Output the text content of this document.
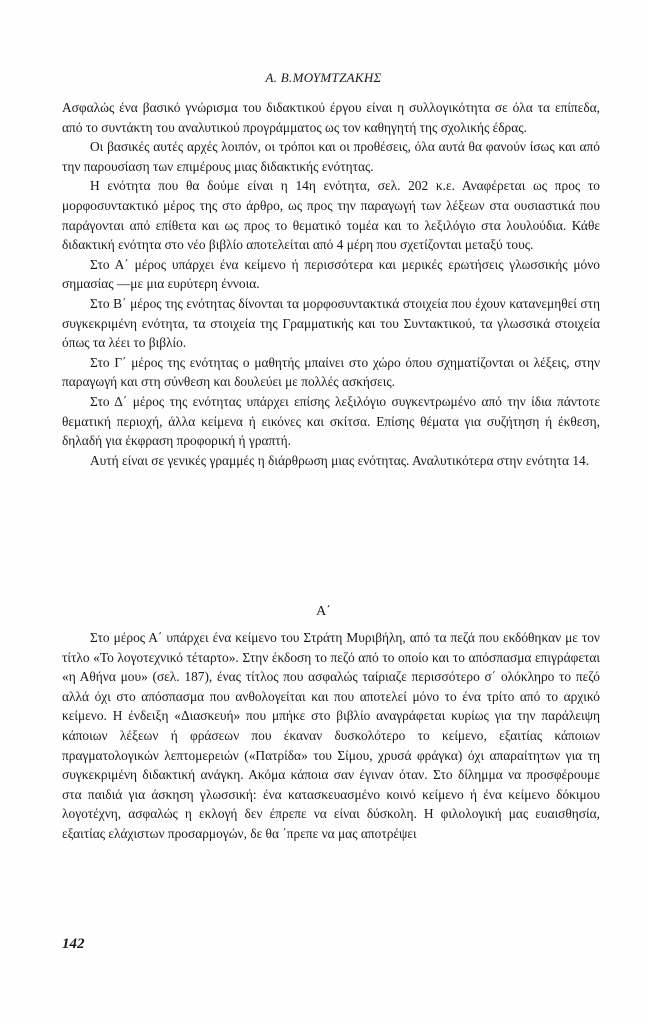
Α. Β.ΜΟΥΜΤΖΑΚΗΣ

Ασφαλώς ένα βασικό γνώρισμα του διδακτικού έργου είναι η συλλογικότητα σε όλα τα επίπεδα, από το συντάκτη του αναλυτικού προγράμματος ως τον καθηγητή της σχολικής έδρας.

Οι βασικές αυτές αρχές λοιπόν, οι τρόποι και οι προθέσεις, όλα αυτά θα φανούν ίσως και από την παρουσίαση των επιμέρους μιας διδακτικής ενότητας.

Η ενότητα που θα δούμε είναι η 14η ενότητα, σελ. 202 κ.ε. Αναφέρεται ως προς το μορφοσυντακτικό μέρος της στο άρθρο, ως προς την παραγωγή των λέξεων στα ουσιαστικά που παράγονται από επίθετα και ως προς το θεματικό τομέα και το λεξιλόγιο στα λουλούδια. Κάθε διδακτική ενότητα στο νέο βιβλίο αποτελείται από 4 μέρη που σχετίζονται μεταξύ τους.

Στο Α΄ μέρος υπάρχει ένα κείμενο ή περισσότερα και μερικές ερωτήσεις γλωσσικής μόνο σημασίας —με μια ευρύτερη έννοια.

Στο Β΄ μέρος της ενότητας δίνονται τα μορφοσυντακτικά στοιχεία που έχουν κατανεμηθεί στη συγκεκριμένη ενότητα, τα στοιχεία της Γραμματικής και του Συντακτικού, τα γλωσσικά στοιχεία όπως τα λέει το βιβλίο.

Στο Γ΄ μέρος της ενότητας ο μαθητής μπαίνει στο χώρο όπου σχηματίζονται οι λέξεις, στην παραγωγή και στη σύνθεση και δουλεύει με πολλές ασκήσεις.

Στο Δ΄ μέρος της ενότητας υπάρχει επίσης λεξιλόγιο συγκεντρωμένο από την ίδια πάντοτε θεματική περιοχή, άλλα κείμενα ή εικόνες και σκίτσα. Επίσης θέματα για συζήτηση ή έκθεση, δηλαδή για έκφραση προφορική ή γραπτή.

Αυτή είναι σε γενικές γραμμές η διάρθρωση μιας ενότητας. Αναλυτικότερα στην ενότητα 14.

Α΄

Στο μέρος Α΄ υπάρχει ένα κείμενο του Στράτη Μυριβήλη, από τα πεζά που εκδόθηκαν με τον τίτλο «Το λογοτεχνικό τέταρτο». Στην έκδοση το πεζό από το οποίο και το απόσπασμα επιγράφεται «η Αθήνα μου» (σελ. 187), ένας τίτλος που ασφαλώς ταίριαζε περισσότερο σ΄ ολόκληρο το πεζό αλλά όχι στο απόσπασμα που ανθολογείται και που αποτελεί μόνο το ένα τρίτο από το αρχικό κείμενο. Η ένδειξη «Διασκευή» που μπήκε στο βιβλίο αναγράφεται κυρίως για την παράλειψη κάποιων λέξεων ή φράσεων που έκαναν δυσκολότερο το κείμενο, εξαιτίας κάποιων πραγματολογικών λεπτομερειών («Πατρίδα» του Σίμου, χρυσά φράγκα) όχι απαραίτητων για τη συγκεκριμένη διδακτική ανάγκη. Ακόμα κάποια σαν έγιναν όταν. Στο δίλημμα να προσφέρουμε στα παιδιά για άσκηση γλωσσική: ένα κατασκευασμένο κοινό κείμενο ή ένα κείμενο δόκιμου λογοτέχνη, ασφαλώς η εκλογή δεν έπρεπε να είναι δύσκολη. Η φιλολογική μας ευαισθησία, εξαιτίας ελάχιστων προσαρμογών, δε θα ΄πρεπε να μας αποτρέψει

142
